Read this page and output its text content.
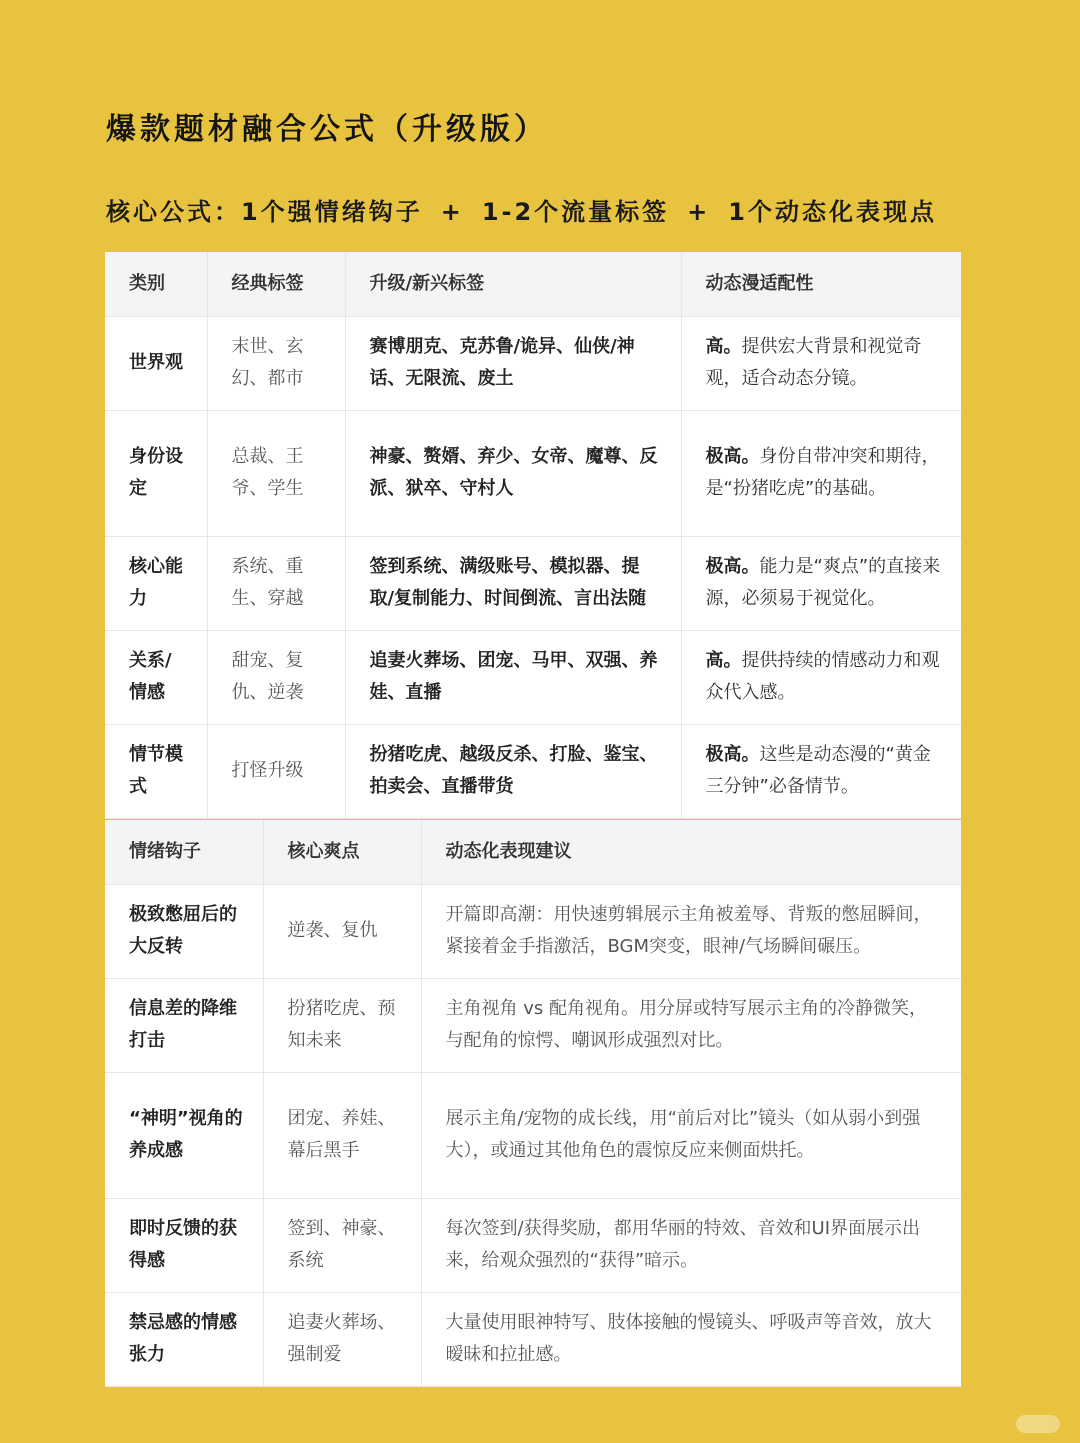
爆款题材融合公式（升级版）
核心公式：1个强情绪钩子 + 1-2个流量标签 + 1个动态化表现点
类别	经典标签	升级/新兴标签	动态漫适配性
世界观	末世、玄幻、都市	赛博朋克、克苏鲁/诡异、仙侠/神话、无限流、废土	高。提供宏大背景和视觉奇观，适合动态分镜。
身份设定	总裁、王爷、学生	神豪、赘婿、弃少、女帝、魔尊、反派、狱卒、守村人	极高。身份自带冲突和期待，是“扮猪吃虎”的基础。
核心能力	系统、重生、穿越	签到系统、满级账号、模拟器、提取/复制能力、时间倒流、言出法随	极高。能力是“爽点”的直接来源，必须易于视觉化。
关系/情感	甜宠、复仇、逆袭	追妻火葬场、团宠、马甲、双强、养娃、直播	高。提供持续的情感动力和观众代入感。
情节模式	打怪升级	扮猪吃虎、越级反杀、打脸、鉴宝、拍卖会、直播带货	极高。这些是动态漫的“黄金三分钟”必备情节。
情绪钩子	核心爽点	动态化表现建议
极致憋屈后的大反转	逆袭、复仇	开篇即高潮：用快速剪辑展示主角被羞辱、背叛的憋屈瞬间，紧接着金手指激活，BGM突变，眼神/气场瞬间碾压。
信息差的降维打击	扮猪吃虎、预知未来	主角视角 vs 配角视角。用分屏或特写展示主角的冷静微笑，与配角的惊愕、嘲讽形成强烈对比。
“神明”视角的养成感	团宠、养娃、幕后黑手	展示主角/宠物的成长线，用“前后对比”镜头（如从弱小到强大），或通过其他角色的震惊反应来侧面烘托。
即时反馈的获得感	签到、神豪、系统	每次签到/获得奖励，都用华丽的特效、音效和UI界面展示出来，给观众强烈的“获得”暗示。
禁忌感的情感张力	追妻火葬场、强制爱	大量使用眼神特写、肢体接触的慢镜头、呼吸声等音效，放大暧昧和拉扯感。
